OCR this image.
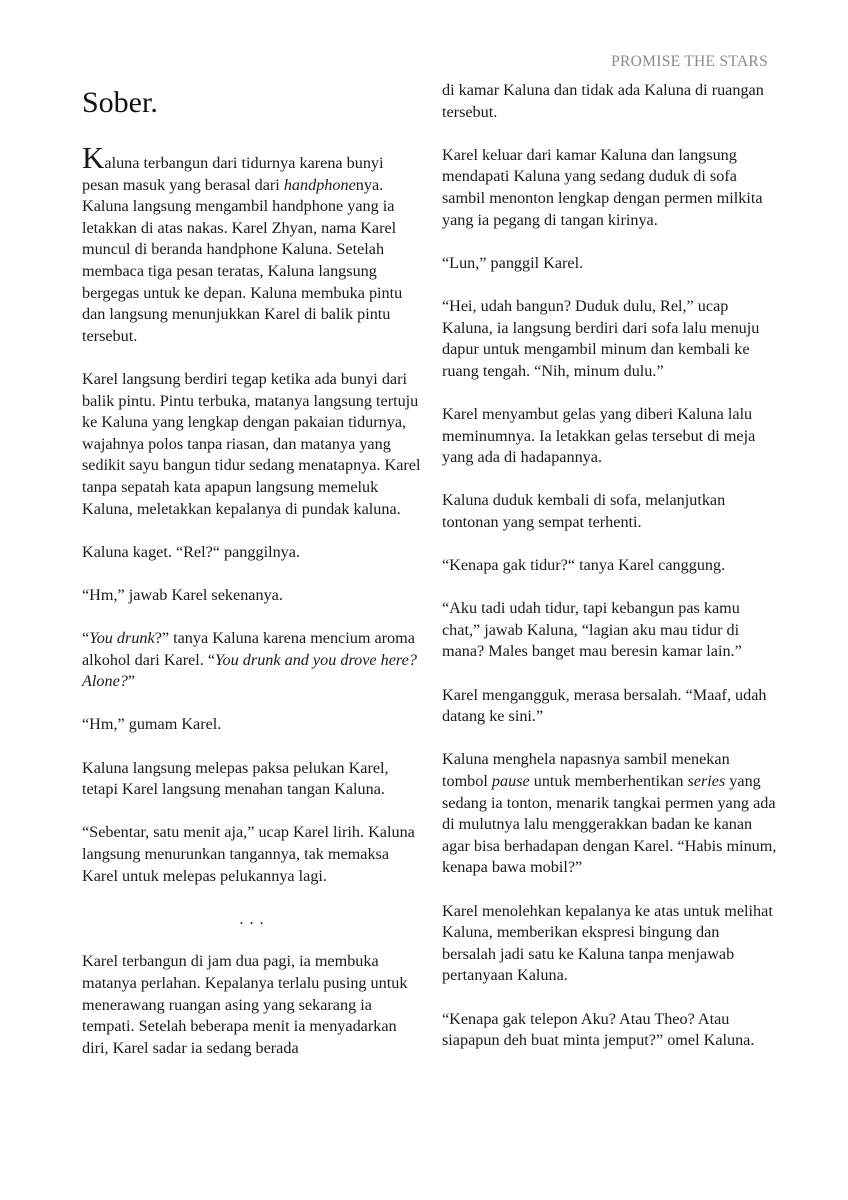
PROMISE THE STARS
Sober.

Kaluna terbangun dari tidurnya karena bunyi pesan masuk yang berasal dari handphonenya. Kaluna langsung mengambil handphone yang ia letakkan di atas nakas. Karel Zhyan, nama Karel muncul di beranda handphone Kaluna. Setelah membaca tiga pesan teratas, Kaluna langsung bergegas untuk ke depan. Kaluna membuka pintu dan langsung menunjukkan Karel di balik pintu tersebut.

Karel langsung berdiri tegap ketika ada bunyi dari balik pintu. Pintu terbuka, matanya langsung tertuju ke Kaluna yang lengkap dengan pakaian tidurnya, wajahnya polos tanpa riasan, dan matanya yang sedikit sayu bangun tidur sedang menatapnya. Karel tanpa sepatah kata apapun langsung memeluk Kaluna, meletakkan kepalanya di pundak kaluna.

Kaluna kaget. “Rel?“ panggilnya.

“Hm,” jawab Karel sekenanya.

“You drunk?” tanya Kaluna karena mencium aroma alkohol dari Karel. “You drunk and you drove here? Alone?”

“Hm,” gumam Karel.

Kaluna langsung melepas paksa pelukan Karel, tetapi Karel langsung menahan tangan Kaluna.

“Sebentar, satu menit aja,” ucap Karel lirih. Kaluna langsung menurunkan tangannya, tak memaksa Karel untuk melepas pelukannya lagi.

. . .

Karel terbangun di jam dua pagi, ia membuka matanya perlahan. Kepalanya terlalu pusing untuk menerawang ruangan asing yang sekarang ia tempati. Setelah beberapa menit ia menyadarkan diri, Karel sadar ia sedang berada

di kamar Kaluna dan tidak ada Kaluna di ruangan tersebut.

Karel keluar dari kamar Kaluna dan langsung mendapati Kaluna yang sedang duduk di sofa sambil menonton lengkap dengan permen milkita yang ia pegang di tangan kirinya.

“Lun,” panggil Karel.

“Hei, udah bangun? Duduk dulu, Rel,” ucap Kaluna, ia langsung berdiri dari sofa lalu menuju dapur untuk mengambil minum dan kembali ke ruang tengah. “Nih, minum dulu.”

Karel menyambut gelas yang diberi Kaluna lalu meminumnya. Ia letakkan gelas tersebut di meja yang ada di hadapannya.

Kaluna duduk kembali di sofa, melanjutkan tontonan yang sempat terhenti.

“Kenapa gak tidur?“ tanya Karel canggung.

“Aku tadi udah tidur, tapi kebangun pas kamu chat,” jawab Kaluna, “lagian aku mau tidur di mana? Males banget mau beresin kamar lain.”

Karel mengangguk, merasa bersalah. “Maaf, udah datang ke sini.”

Kaluna menghela napasnya sambil menekan tombol pause untuk memberhentikan series yang sedang ia tonton, menarik tangkai permen yang ada di mulutnya lalu menggerakkan badan ke kanan agar bisa berhadapan dengan Karel. “Habis minum, kenapa bawa mobil?”

Karel menolehkan kepalanya ke atas untuk melihat Kaluna, memberikan ekspresi bingung dan bersalah jadi satu ke Kaluna tanpa menjawab pertanyaan Kaluna.

“Kenapa gak telepon Aku? Atau Theo? Atau siapapun deh buat minta jemput?” omel Kaluna.
